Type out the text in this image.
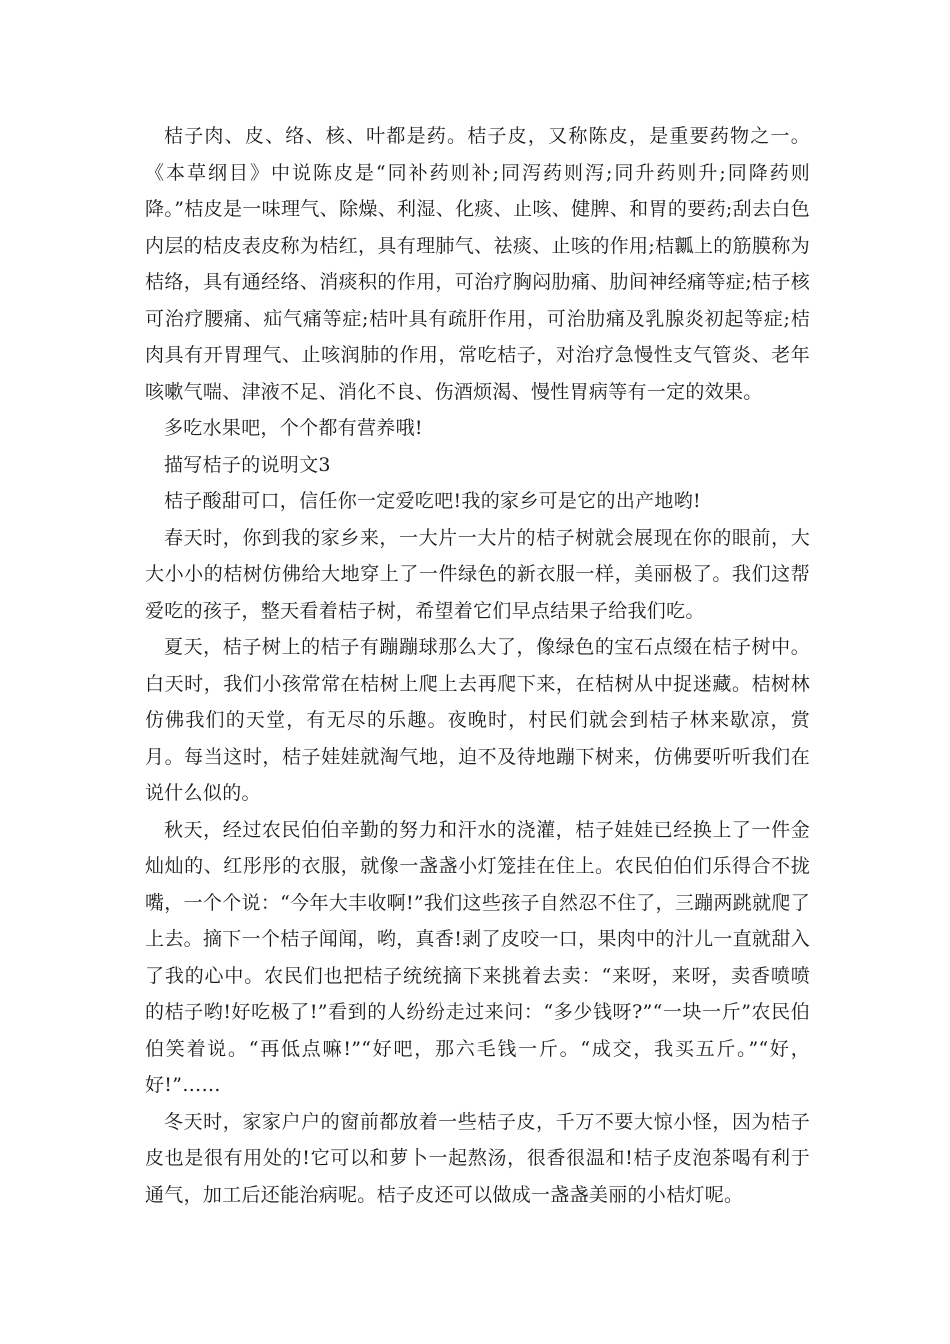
桔子肉、皮、络、核、叶都是药。桔子皮，又称陈皮，是重要药物之一。《本草纲目》中说陈皮是“同补药则补;同泻药则泻;同升药则升;同降药则降。”桔皮是一味理气、除燥、利湿、化痰、止咳、健脾、和胃的要药;刮去白色内层的桔皮表皮称为桔红，具有理肺气、祛痰、止咳的作用;桔瓤上的筋膜称为桔络，具有通经络、消痰积的作用，可治疗胸闷肋痛、肋间神经痛等症;桔子核可治疗腰痛、疝气痛等症;桔叶具有疏肝作用，可治肋痛及乳腺炎初起等症;桔肉具有开胃理气、止咳润肺的作用，常吃桔子，对治疗急慢性支气管炎、老年咳嗽气喘、津液不足、消化不良、伤酒烦渴、慢性胃病等有一定的效果。

多吃水果吧，个个都有营养哦!

描写桔子的说明文3

桔子酸甜可口，信任你一定爱吃吧!我的家乡可是它的出产地哟!

春天时，你到我的家乡来，一大片一大片的桔子树就会展现在你的眼前，大大小小的桔树仿佛给大地穿上了一件绿色的新衣服一样，美丽极了。我们这帮爱吃的孩子，整天看着桔子树，希望着它们早点结果子给我们吃。

夏天，桔子树上的桔子有蹦蹦球那么大了，像绿色的宝石点缀在桔子树中。白天时，我们小孩常常在桔树上爬上去再爬下来，在桔树从中捉迷藏。桔树林仿佛我们的天堂，有无尽的乐趣。夜晚时，村民们就会到桔子林来歇凉，赏月。每当这时，桔子娃娃就淘气地，迫不及待地蹦下树来，仿佛要听听我们在说什么似的。

秋天，经过农民伯伯辛勤的努力和汗水的浇灌，桔子娃娃已经换上了一件金灿灿的、红彤彤的衣服，就像一盏盏小灯笼挂在住上。农民伯伯们乐得合不拢嘴，一个个说：“今年大丰收啊!”我们这些孩子自然忍不住了，三蹦两跳就爬了上去。摘下一个桔子闻闻，哟，真香!剥了皮咬一口，果肉中的汁儿一直就甜入了我的心中。农民们也把桔子统统摘下来挑着去卖：“来呀，来呀，卖香喷喷的桔子哟!好吃极了!”看到的人纷纷走过来问：“多少钱呀?”“一块一斤”农民伯伯笑着说。“再低点嘛!”“好吧，那六毛钱一斤。“成交，我买五斤。”“好，好!”……

冬天时，家家户户的窗前都放着一些桔子皮，千万不要大惊小怪，因为桔子皮也是很有用处的!它可以和萝卜一起熬汤，很香很温和!桔子皮泡茶喝有利于通气，加工后还能治病呢。桔子皮还可以做成一盏盏美丽的小桔灯呢。
